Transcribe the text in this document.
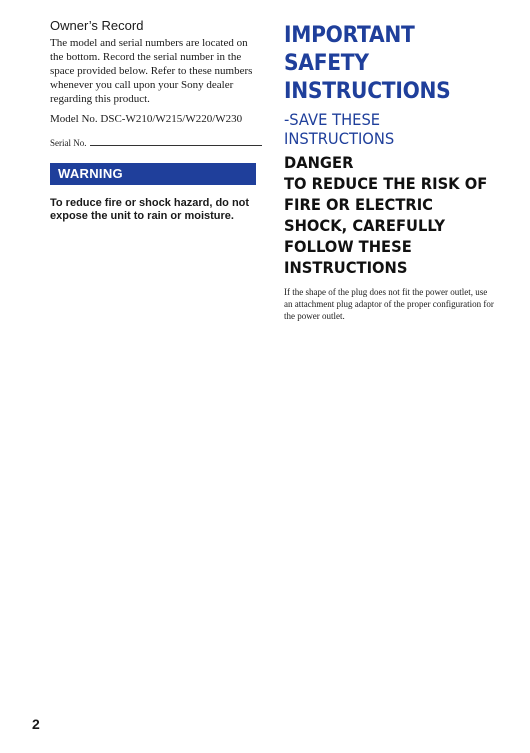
Owner’s Record

The model and serial numbers are located on the bottom. Record the serial number in the space provided below. Refer to these numbers whenever you call upon your Sony dealer regarding this product.

Model No. DSC-W210/W215/W220/W230

Serial No.

WARNING

To reduce fire or shock hazard, do not expose the unit to rain or moisture.

IMPORTANT
SAFETY
INSTRUCTIONS
-SAVE THESE
INSTRUCTIONS
DANGER
TO REDUCE THE RISK OF
FIRE OR ELECTRIC
SHOCK, CAREFULLY
FOLLOW THESE
INSTRUCTIONS

If the shape of the plug does not fit the power outlet, use an attachment plug adaptor of the proper configuration for the power outlet.

2
